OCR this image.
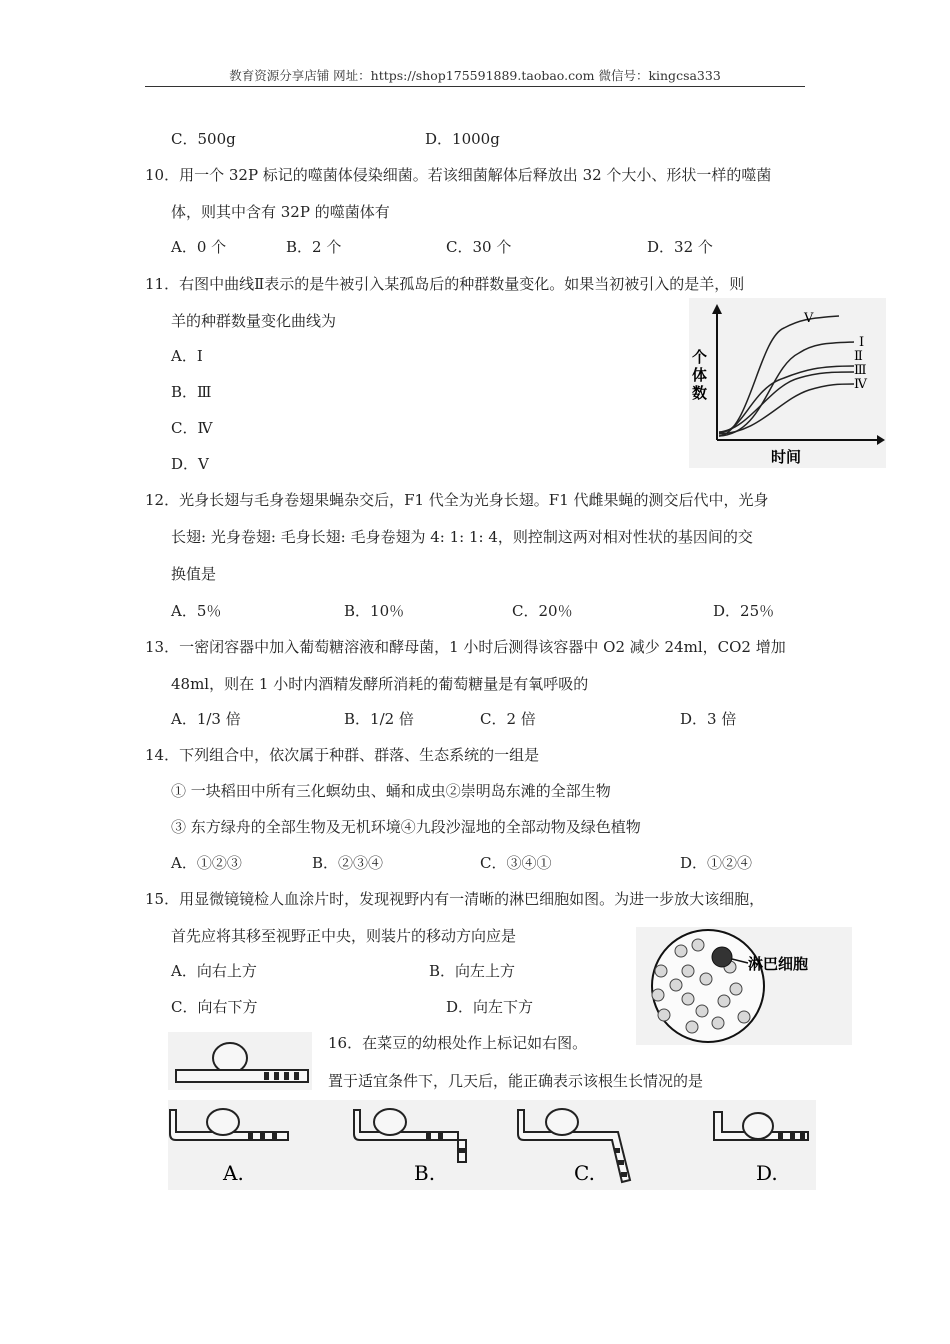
教育资源分享店铺 网址：https://shop175591889.taobao.com 微信号：kingcsa333
C．500g	D．1000g
10．用一个 32P 标记的噬菌体侵染细菌。若该细菌解体后释放出 32 个大小、形状一样的噬菌
体，则其中含有 32P 的噬菌体有
A．0 个	B．2 个	C．30 个	D．32 个
11．右图中曲线Ⅱ表示的是牛被引入某孤岛后的种群数量变化。如果当初被引入的是羊，则
羊的种群数量变化曲线为
A．Ⅰ
B．Ⅲ
C．Ⅳ
D．Ⅴ
Ⅴ
Ⅰ
Ⅱ
Ⅲ
Ⅳ
个
体
数
时间
12．光身长翅与毛身卷翅果蝇杂交后，F1 代全为光身长翅。F1 代雌果蝇的测交后代中，光身
长翅: 光身卷翅: 毛身长翅: 毛身卷翅为 4: 1: 1: 4，则控制这两对相对性状的基因间的交
换值是
A．5％	B．10％	C．20％	D．25％
13．一密闭容器中加入葡萄糖溶液和酵母菌，1 小时后测得该容器中 O2 减少 24ml，CO2 增加
48ml，则在 1 小时内酒精发酵所消耗的葡萄糖量是有氧呼吸的
A．1/3 倍	B．1/2 倍	C．2 倍	D．3 倍
14．下列组合中，依次属于种群、群落、生态系统的一组是
① 一块稻田中所有三化螟幼虫、蛹和成虫②崇明岛东滩的全部生物
③ 东方绿舟的全部生物及无机环境④九段沙湿地的全部动物及绿色植物
A．①②③	B．②③④	C．③④①	D．①②④
15．用显微镜镜检人血涂片时，发现视野内有一清晰的淋巴细胞如图。为进一步放大该细胞，
首先应将其移至视野正中央，则装片的移动方向应是
A．向右上方	B．向左上方
C．向右下方	D．向左下方
淋巴细胞
16．在菜豆的幼根处作上标记如右图。
置于适宜条件下，几天后，能正确表示该根生长情况的是
A.	B.	C.	D.
